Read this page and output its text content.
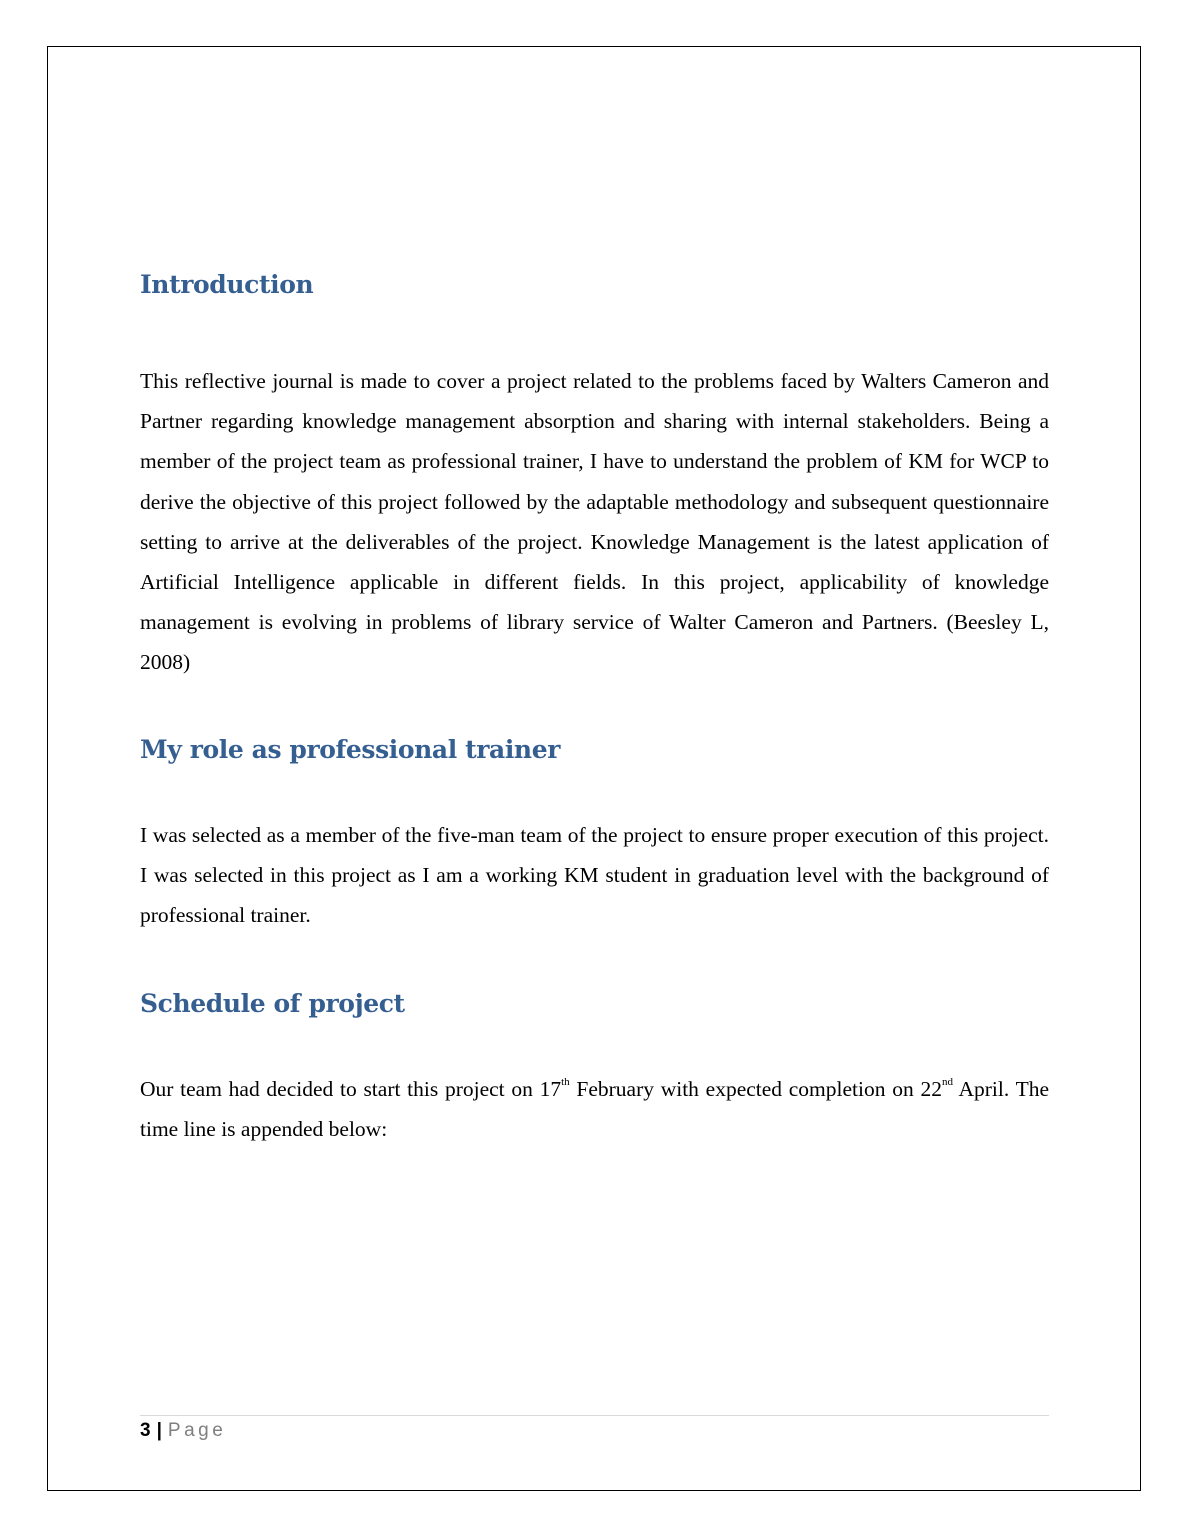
Introduction

This reflective journal is made to cover a project related to the problems faced by Walters Cameron and Partner regarding knowledge management absorption and sharing with internal stakeholders. Being a member of the project team as professional trainer, I have to understand the problem of KM for WCP to derive the objective of this project followed by the adaptable methodology and subsequent questionnaire setting to arrive at the deliverables of the project. Knowledge Management is the latest application of Artificial Intelligence applicable in different fields. In this project, applicability of knowledge management is evolving in problems of library service of Walter Cameron and Partners. (Beesley L, 2008)

My role as professional trainer

I was selected as a member of the five-man team of the project to ensure proper execution of this project. I was selected in this project as I am a working KM student in graduation level with the background of professional trainer.

Schedule of project

Our team had decided to start this project on 17th February with expected completion on 22nd April. The time line is appended below:

3 | Page
